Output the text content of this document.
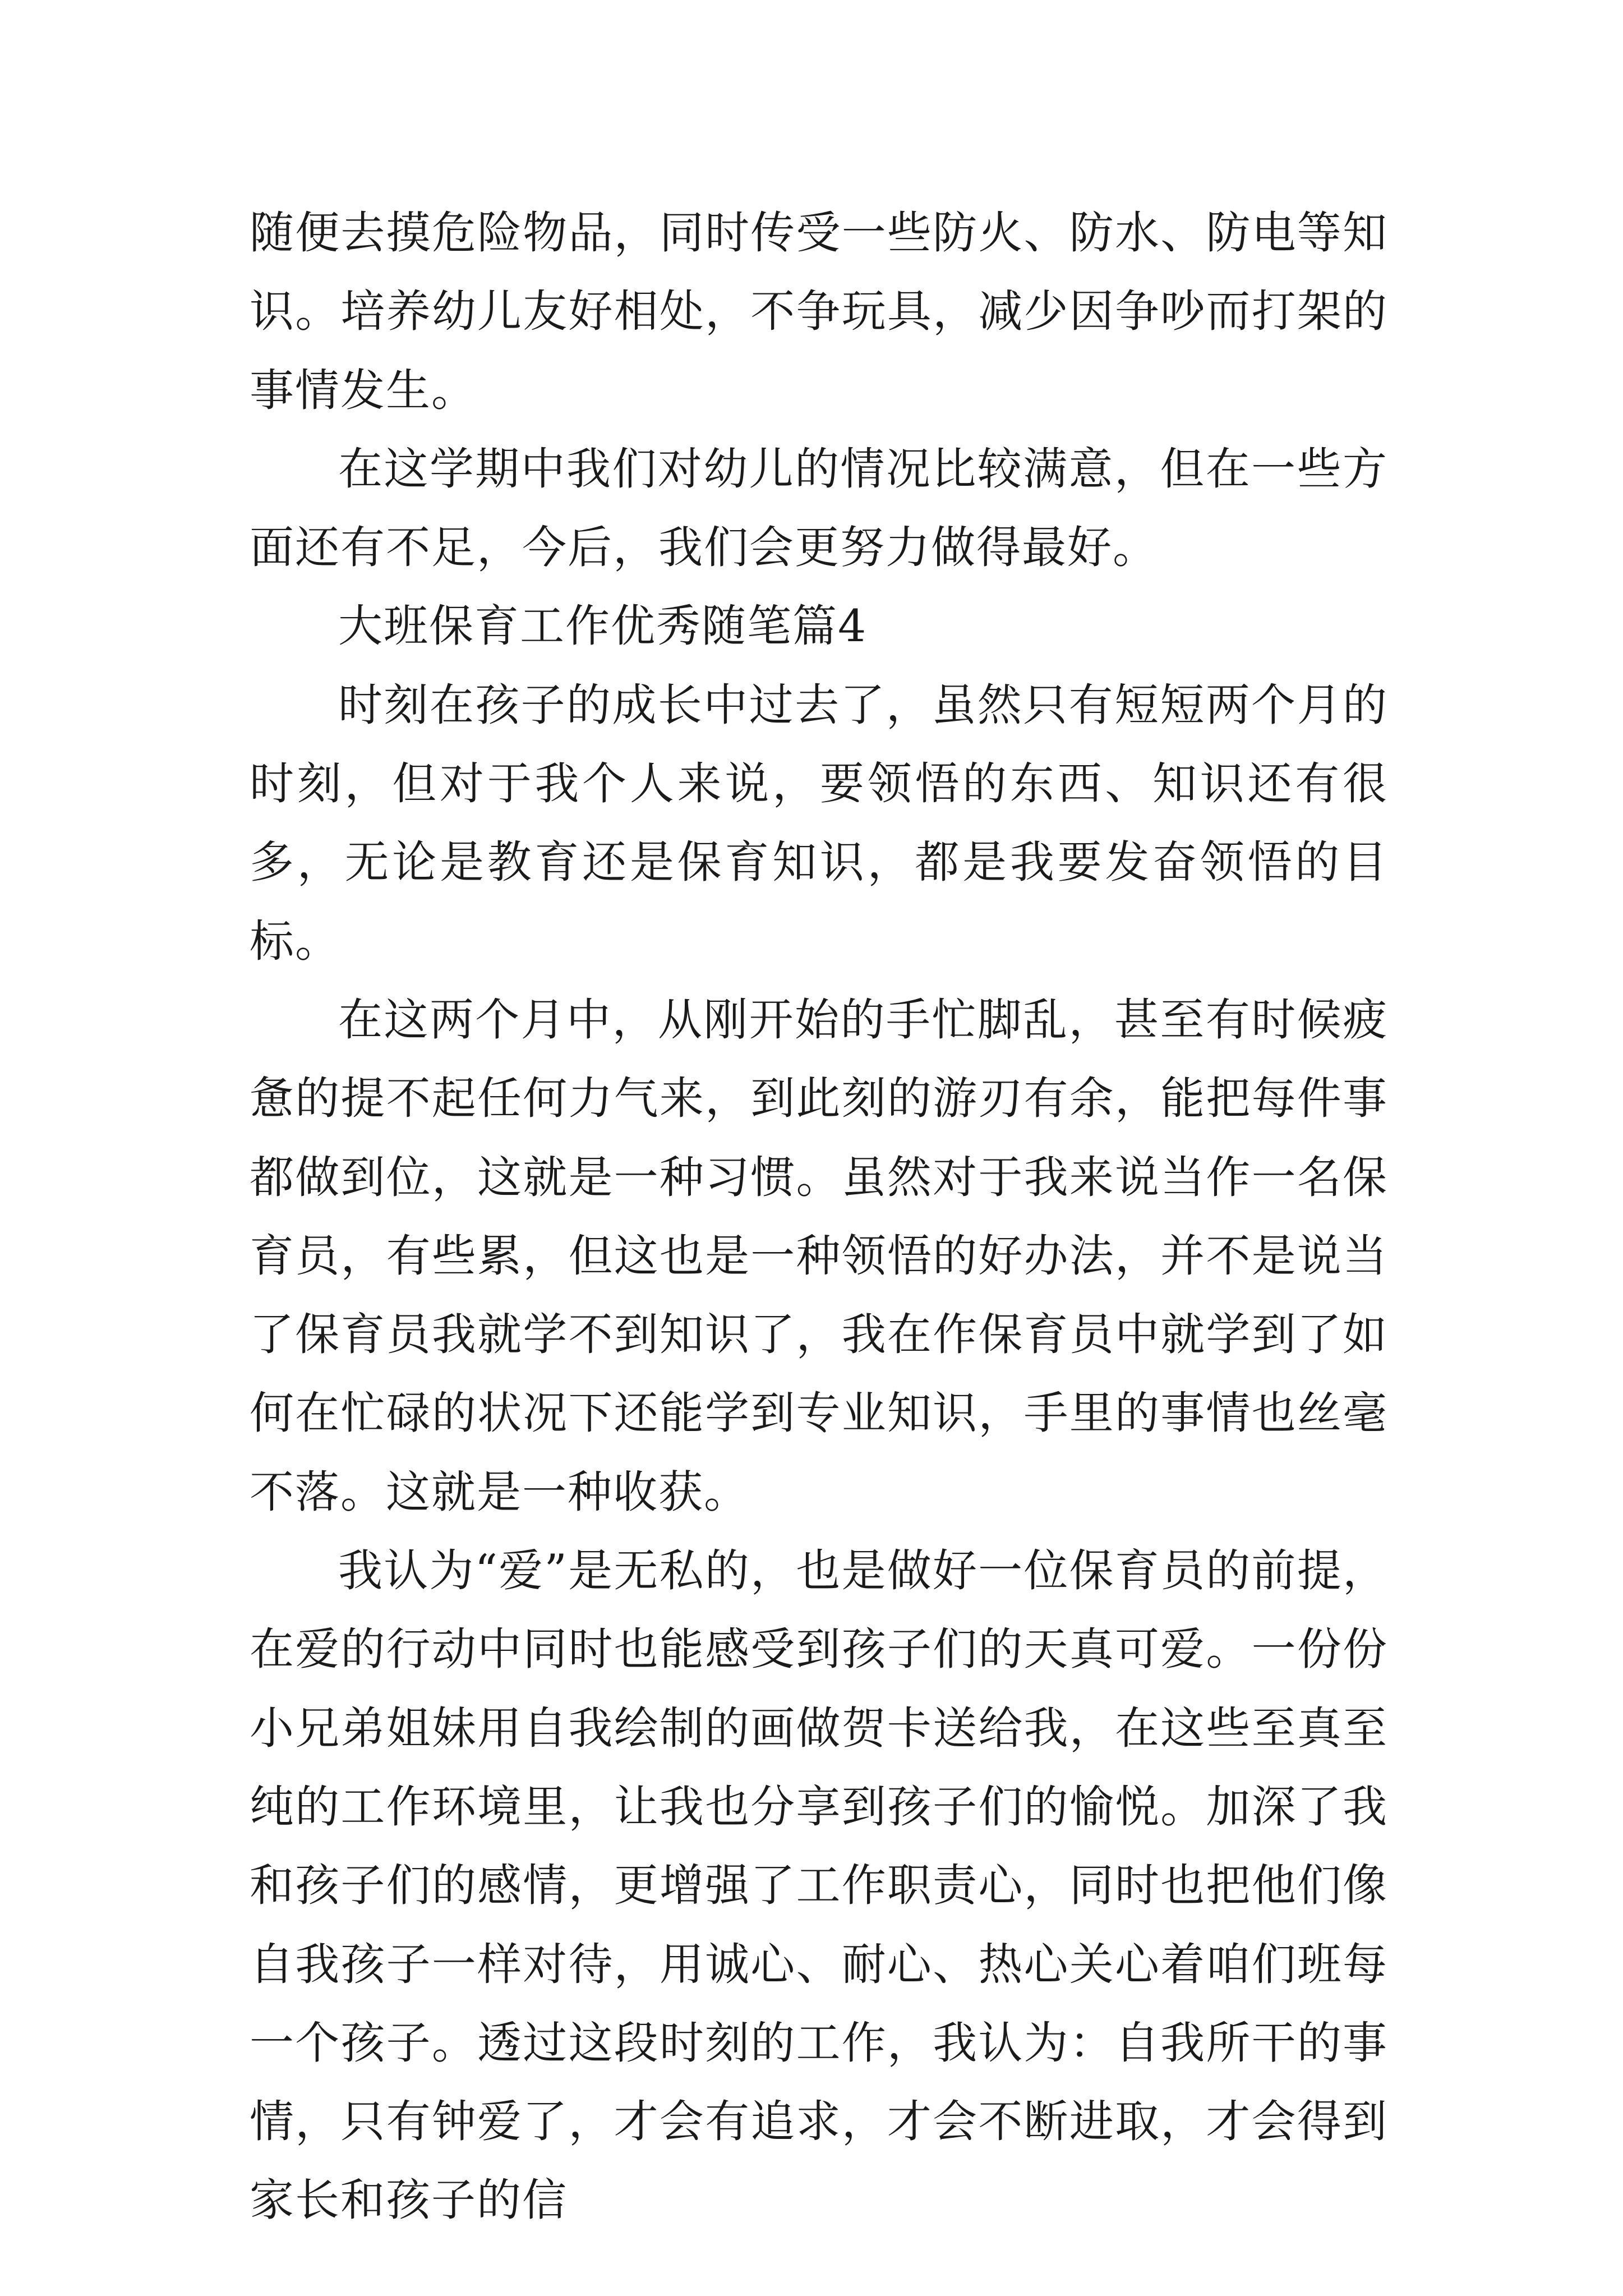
随便去摸危险物品，同时传受一些防火、防水、防电等知识。培养幼儿友好相处，不争玩具，减少因争吵而打架的事情发生。

在这学期中我们对幼儿的情况比较满意，但在一些方面还有不足，今后，我们会更努力做得最好。

大班保育工作优秀随笔篇4

时刻在孩子的成长中过去了，虽然只有短短两个月的时刻，但对于我个人来说，要领悟的东西、知识还有很多，无论是教育还是保育知识，都是我要发奋领悟的目标。

在这两个月中，从刚开始的手忙脚乱，甚至有时候疲惫的提不起任何力气来，到此刻的游刃有余，能把每件事都做到位，这就是一种习惯。虽然对于我来说当作一名保育员，有些累，但这也是一种领悟的好办法，并不是说当了保育员我就学不到知识了，我在作保育员中就学到了如何在忙碌的状况下还能学到专业知识，手里的事情也丝毫不落。这就是一种收获。

我认为“爱”是无私的，也是做好一位保育员的前提，在爱的行动中同时也能感受到孩子们的天真可爱。一份份小兄弟姐妹用自我绘制的画做贺卡送给我，在这些至真至纯的工作环境里，让我也分享到孩子们的愉悦。加深了我和孩子们的感情，更增强了工作职责心，同时也把他们像自我孩子一样对待，用诚心、耐心、热心关心着咱们班每一个孩子。透过这段时刻的工作，我认为：自我所干的事情，只有钟爱了，才会有追求，才会不断进取，才会得到家长和孩子的信
